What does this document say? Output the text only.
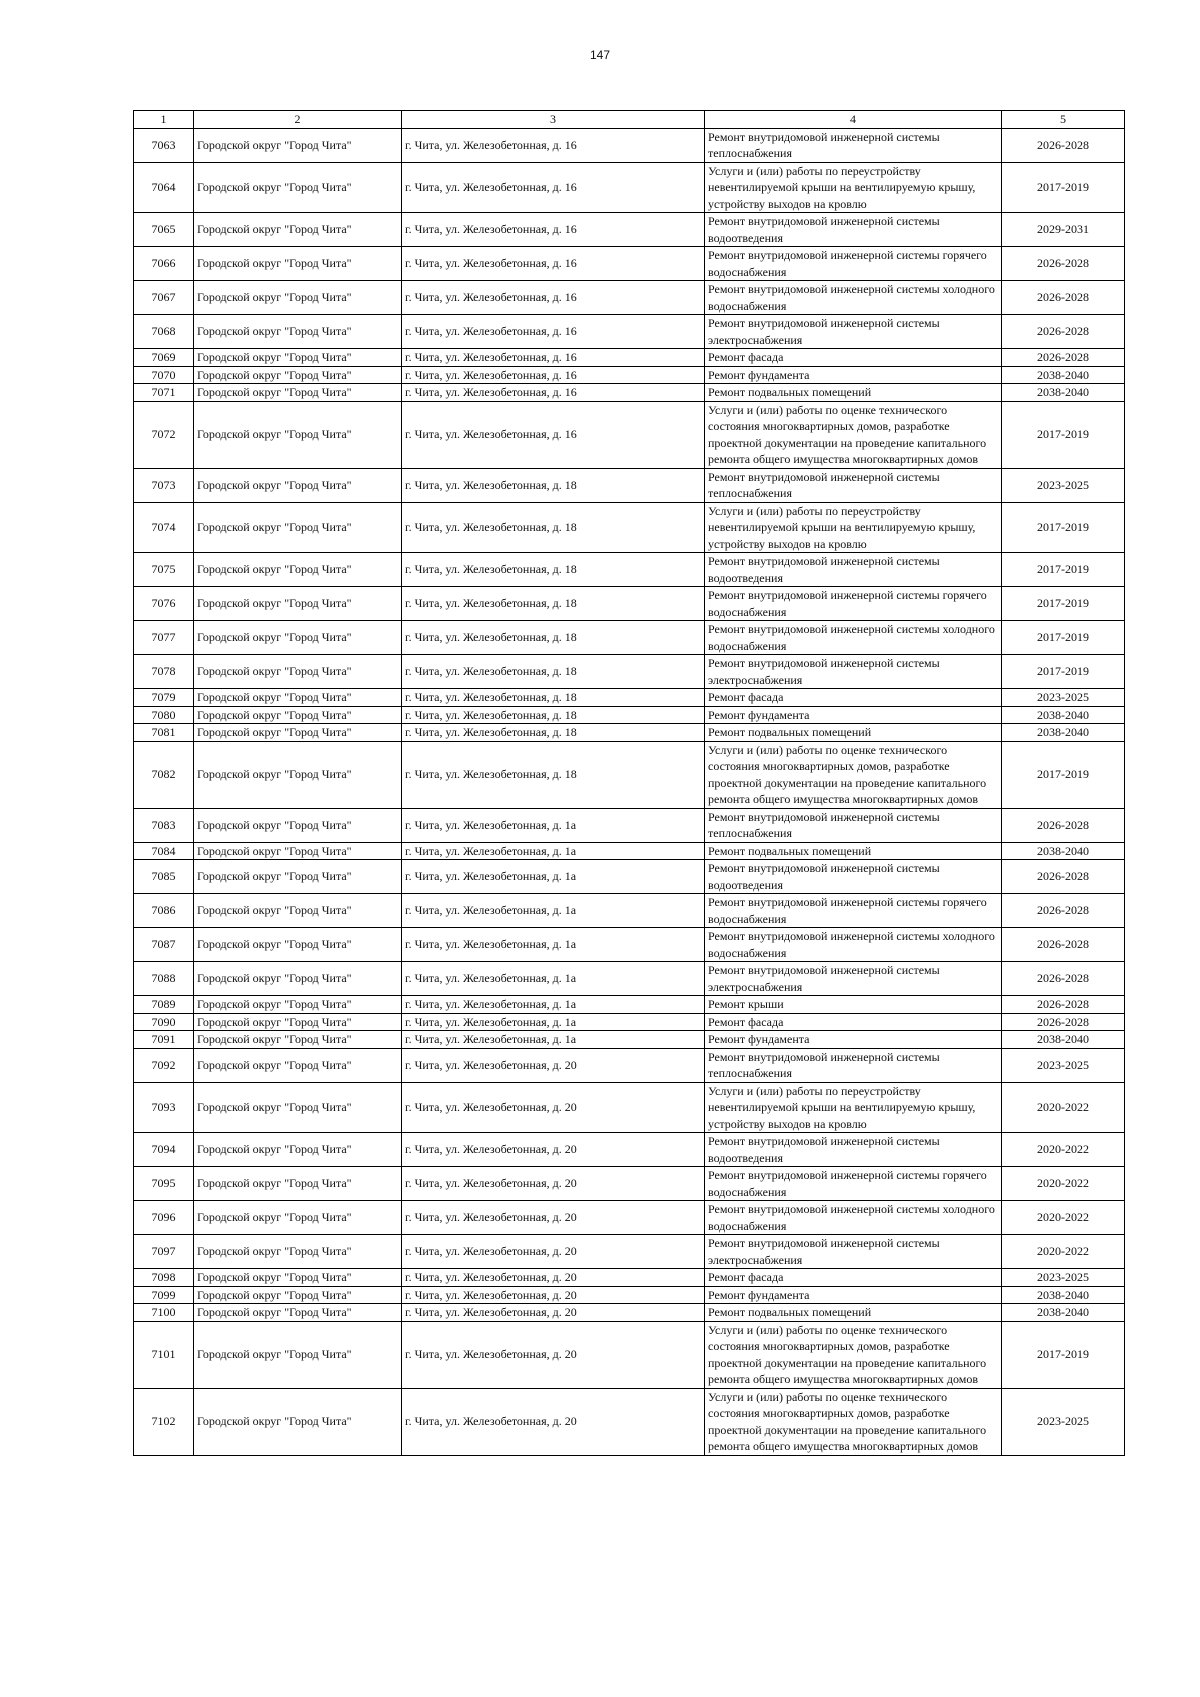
147
1	2	3	4	5
7063	Городской округ "Город Чита"	г. Чита, ул. Железобетонная, д. 16	Ремонт внутридомовой инженерной системы теплоснабжения	2026-2028
7064	Городской округ "Город Чита"	г. Чита, ул. Железобетонная, д. 16	Услуги и (или) работы по переустройству невентилируемой крыши на вентилируемую крышу, устройству выходов на кровлю	2017-2019
7065	Городской округ "Город Чита"	г. Чита, ул. Железобетонная, д. 16	Ремонт внутридомовой инженерной системы водоотведения	2029-2031
7066	Городской округ "Город Чита"	г. Чита, ул. Железобетонная, д. 16	Ремонт внутридомовой инженерной системы горячего водоснабжения	2026-2028
7067	Городской округ "Город Чита"	г. Чита, ул. Железобетонная, д. 16	Ремонт внутридомовой инженерной системы холодного водоснабжения	2026-2028
7068	Городской округ "Город Чита"	г. Чита, ул. Железобетонная, д. 16	Ремонт внутридомовой инженерной системы электроснабжения	2026-2028
7069	Городской округ "Город Чита"	г. Чита, ул. Железобетонная, д. 16	Ремонт фасада	2026-2028
7070	Городской округ "Город Чита"	г. Чита, ул. Железобетонная, д. 16	Ремонт фундамента	2038-2040
7071	Городской округ "Город Чита"	г. Чита, ул. Железобетонная, д. 16	Ремонт подвальных помещений	2038-2040
7072	Городской округ "Город Чита"	г. Чита, ул. Железобетонная, д. 16	Услуги и (или) работы по оценке технического состояния многоквартирных домов, разработке проектной документации на проведение капитального ремонта общего имущества многоквартирных домов	2017-2019
7073	Городской округ "Город Чита"	г. Чита, ул. Железобетонная, д. 18	Ремонт внутридомовой инженерной системы теплоснабжения	2023-2025
7074	Городской округ "Город Чита"	г. Чита, ул. Железобетонная, д. 18	Услуги и (или) работы по переустройству невентилируемой крыши на вентилируемую крышу, устройству выходов на кровлю	2017-2019
7075	Городской округ "Город Чита"	г. Чита, ул. Железобетонная, д. 18	Ремонт внутридомовой инженерной системы водоотведения	2017-2019
7076	Городской округ "Город Чита"	г. Чита, ул. Железобетонная, д. 18	Ремонт внутридомовой инженерной системы горячего водоснабжения	2017-2019
7077	Городской округ "Город Чита"	г. Чита, ул. Железобетонная, д. 18	Ремонт внутридомовой инженерной системы холодного водоснабжения	2017-2019
7078	Городской округ "Город Чита"	г. Чита, ул. Железобетонная, д. 18	Ремонт внутридомовой инженерной системы электроснабжения	2017-2019
7079	Городской округ "Город Чита"	г. Чита, ул. Железобетонная, д. 18	Ремонт фасада	2023-2025
7080	Городской округ "Город Чита"	г. Чита, ул. Железобетонная, д. 18	Ремонт фундамента	2038-2040
7081	Городской округ "Город Чита"	г. Чита, ул. Железобетонная, д. 18	Ремонт подвальных помещений	2038-2040
7082	Городской округ "Город Чита"	г. Чита, ул. Железобетонная, д. 18	Услуги и (или) работы по оценке технического состояния многоквартирных домов, разработке проектной документации на проведение капитального ремонта общего имущества многоквартирных домов	2017-2019
7083	Городской округ "Город Чита"	г. Чита, ул. Железобетонная, д. 1а	Ремонт внутридомовой инженерной системы теплоснабжения	2026-2028
7084	Городской округ "Город Чита"	г. Чита, ул. Железобетонная, д. 1а	Ремонт подвальных помещений	2038-2040
7085	Городской округ "Город Чита"	г. Чита, ул. Железобетонная, д. 1а	Ремонт внутридомовой инженерной системы водоотведения	2026-2028
7086	Городской округ "Город Чита"	г. Чита, ул. Железобетонная, д. 1а	Ремонт внутридомовой инженерной системы горячего водоснабжения	2026-2028
7087	Городской округ "Город Чита"	г. Чита, ул. Железобетонная, д. 1а	Ремонт внутридомовой инженерной системы холодного водоснабжения	2026-2028
7088	Городской округ "Город Чита"	г. Чита, ул. Железобетонная, д. 1а	Ремонт внутридомовой инженерной системы электроснабжения	2026-2028
7089	Городской округ "Город Чита"	г. Чита, ул. Железобетонная, д. 1а	Ремонт крыши	2026-2028
7090	Городской округ "Город Чита"	г. Чита, ул. Железобетонная, д. 1а	Ремонт фасада	2026-2028
7091	Городской округ "Город Чита"	г. Чита, ул. Железобетонная, д. 1а	Ремонт фундамента	2038-2040
7092	Городской округ "Город Чита"	г. Чита, ул. Железобетонная, д. 20	Ремонт внутридомовой инженерной системы теплоснабжения	2023-2025
7093	Городской округ "Город Чита"	г. Чита, ул. Железобетонная, д. 20	Услуги и (или) работы по переустройству невентилируемой крыши на вентилируемую крышу, устройству выходов на кровлю	2020-2022
7094	Городской округ "Город Чита"	г. Чита, ул. Железобетонная, д. 20	Ремонт внутридомовой инженерной системы водоотведения	2020-2022
7095	Городской округ "Город Чита"	г. Чита, ул. Железобетонная, д. 20	Ремонт внутридомовой инженерной системы горячего водоснабжения	2020-2022
7096	Городской округ "Город Чита"	г. Чита, ул. Железобетонная, д. 20	Ремонт внутридомовой инженерной системы холодного водоснабжения	2020-2022
7097	Городской округ "Город Чита"	г. Чита, ул. Железобетонная, д. 20	Ремонт внутридомовой инженерной системы электроснабжения	2020-2022
7098	Городской округ "Город Чита"	г. Чита, ул. Железобетонная, д. 20	Ремонт фасада	2023-2025
7099	Городской округ "Город Чита"	г. Чита, ул. Железобетонная, д. 20	Ремонт фундамента	2038-2040
7100	Городской округ "Город Чита"	г. Чита, ул. Железобетонная, д. 20	Ремонт подвальных помещений	2038-2040
7101	Городской округ "Город Чита"	г. Чита, ул. Железобетонная, д. 20	Услуги и (или) работы по оценке технического состояния многоквартирных домов, разработке проектной документации на проведение капитального ремонта общего имущества многоквартирных домов	2017-2019
7102	Городской округ "Город Чита"	г. Чита, ул. Железобетонная, д. 20	Услуги и (или) работы по оценке технического состояния многоквартирных домов, разработке проектной документации на проведение капитального ремонта общего имущества многоквартирных домов	2023-2025
